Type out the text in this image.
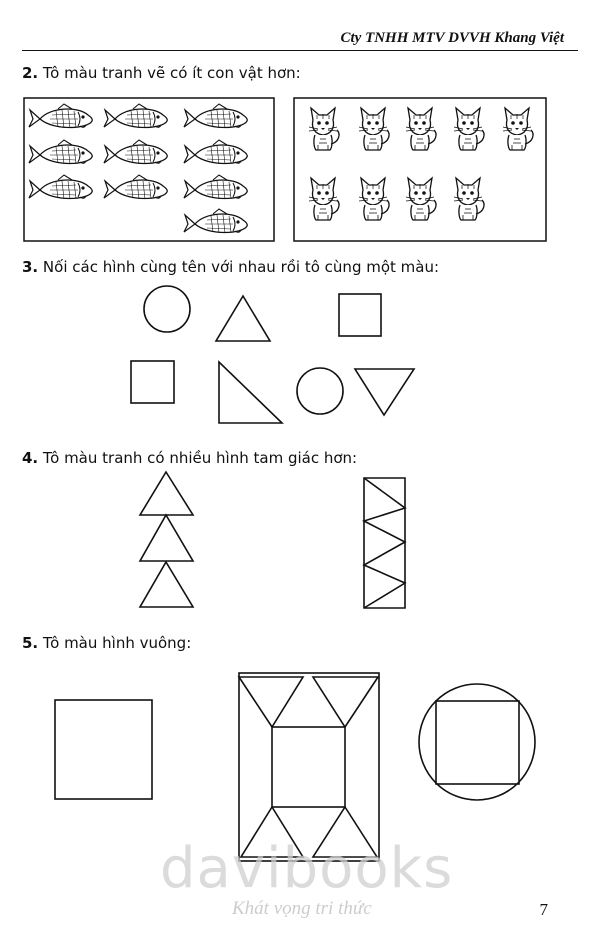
Cty TNHH MTV DVVH Khang Việt
2. Tô màu tranh vẽ có ít con vật hơn:
3. Nối các hình cùng tên với nhau rồi tô cùng một màu:
4. Tô màu tranh có nhiều hình tam giác hơn:
5. Tô màu hình vuông:
davibooks
Khát vọng tri thức	7
